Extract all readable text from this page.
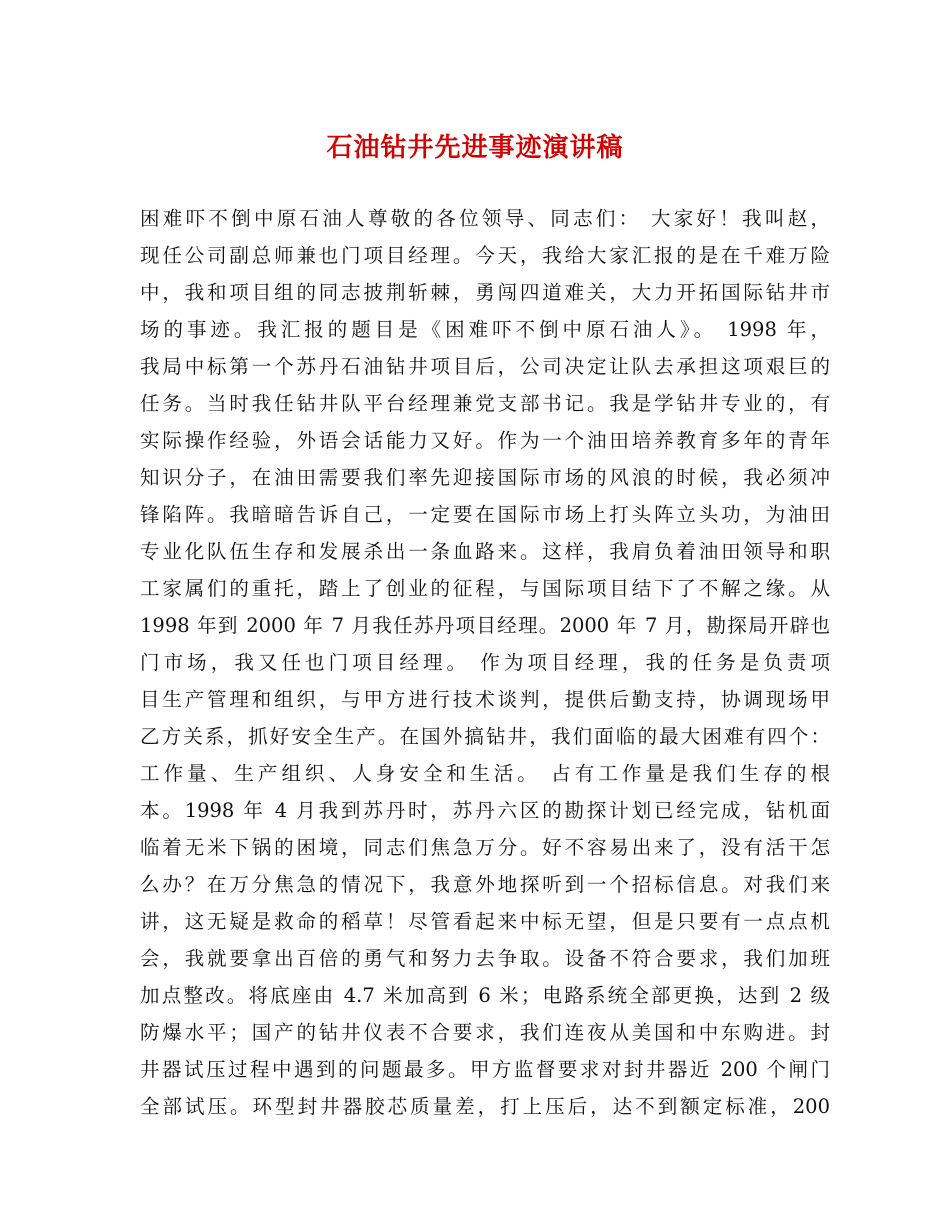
石油钻井先进事迹演讲稿
困难吓不倒中原石油人尊敬的各位领导、同志们： 大家好！我叫赵，
现任公司副总师兼也门项目经理。今天，我给大家汇报的是在千难万险
中，我和项目组的同志披荆斩棘，勇闯四道难关，大力开拓国际钻井市
场的事迹。我汇报的题目是《困难吓不倒中原石油人》。 1998 年，
我局中标第一个苏丹石油钻井项目后，公司决定让队去承担这项艰巨的
任务。当时我任钻井队平台经理兼党支部书记。我是学钻井专业的，有
实际操作经验，外语会话能力又好。作为一个油田培养教育多年的青年
知识分子，在油田需要我们率先迎接国际市场的风浪的时候，我必须冲
锋陷阵。我暗暗告诉自己，一定要在国际市场上打头阵立头功，为油田
专业化队伍生存和发展杀出一条血路来。这样，我肩负着油田领导和职
工家属们的重托，踏上了创业的征程，与国际项目结下了不解之缘。从
1998 年到 2000 年 7 月我任苏丹项目经理。2000 年 7 月，勘探局开辟也
门市场，我又任也门项目经理。 作为项目经理，我的任务是负责项
目生产管理和组织，与甲方进行技术谈判，提供后勤支持，协调现场甲
乙方关系，抓好安全生产。在国外搞钻井，我们面临的最大困难有四个：
工作量、生产组织、人身安全和生活。 占有工作量是我们生存的根
本。1998 年 4 月我到苏丹时，苏丹六区的勘探计划已经完成，钻机面
临着无米下锅的困境，同志们焦急万分。好不容易出来了，没有活干怎
么办？在万分焦急的情况下，我意外地探听到一个招标信息。对我们来
讲，这无疑是救命的稻草！尽管看起来中标无望，但是只要有一点点机
会，我就要拿出百倍的勇气和努力去争取。设备不符合要求，我们加班
加点整改。将底座由 4.7 米加高到 6 米；电路系统全部更换，达到 2 级
防爆水平；国产的钻井仪表不合要求，我们连夜从美国和中东购进。封
井器试压过程中遇到的问题最多。甲方监督要求对封井器近 200 个闸门
全部试压。环型封井器胶芯质量差，打上压后，达不到额定标准，200
